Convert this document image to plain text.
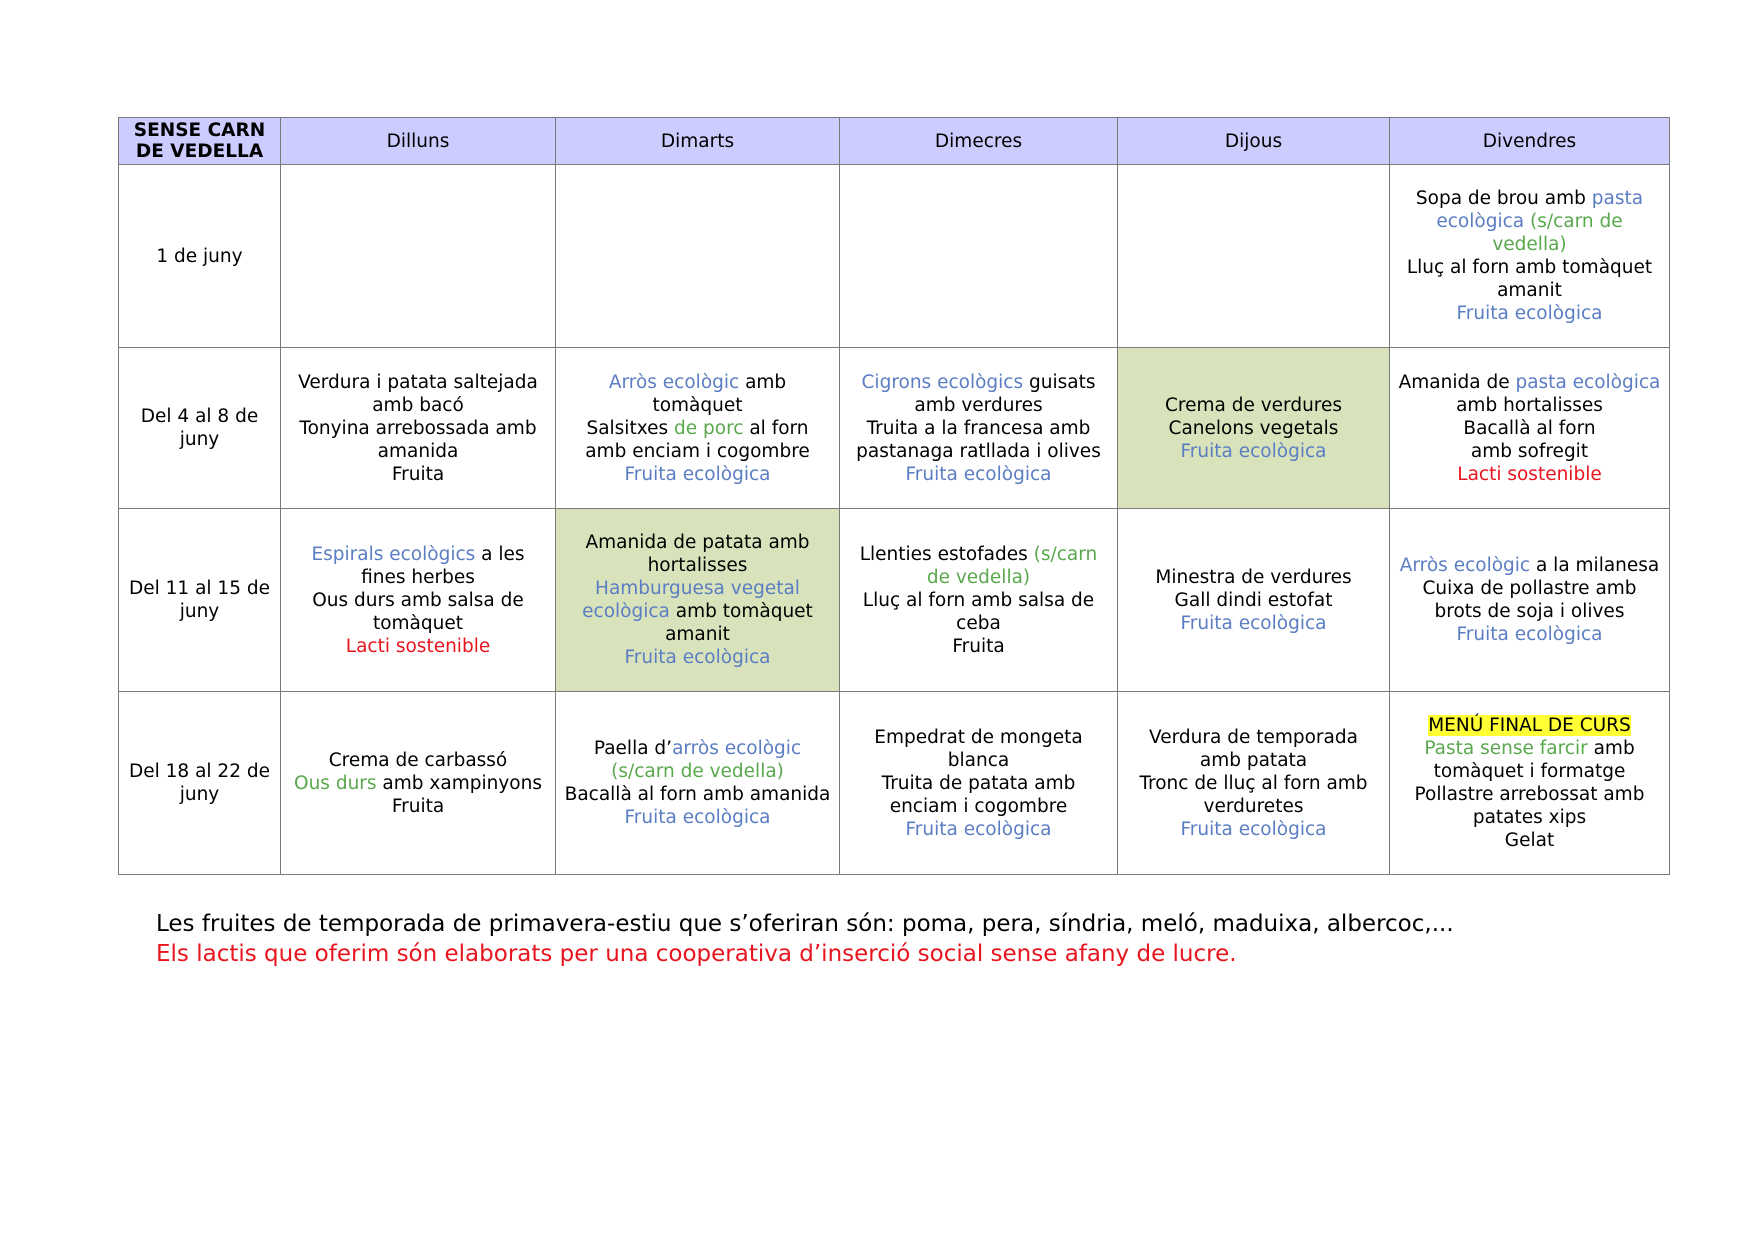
SENSE CARN DE VEDELLA	Dilluns	Dimarts	Dimecres	Dijous	Divendres
1 de juny					Sopa de brou amb pasta ecològica (s/carn de vedella)
Lluç al forn amb tomàquet amanit
Fruita ecològica

Del 4 al 8 de juny	Verdura i patata saltejada amb bacó
Tonyina arrebossada amb amanida
Fruita	Arròs ecològic amb tomàquet
Salsitxes de porc al forn amb enciam i cogombre
Fruita ecològica	Cigrons ecològics guisats amb verdures
Truita a la francesa amb pastanaga ratllada i olives
Fruita ecològica	Crema de verdures
Canelons vegetals
Fruita ecològica	Amanida de pasta ecològica amb hortalisses
Bacallà al forn
amb sofregit
Lacti sostenible

Del 11 al 15 de juny	Espirals ecològics a les fines herbes
Ous durs amb salsa de tomàquet
Lacti sostenible	Amanida de patata amb hortalisses
Hamburguesa vegetal ecològica amb tomàquet amanit
Fruita ecològica	Llenties estofades (s/carn de vedella)
Lluç al forn amb salsa de ceba
Fruita	Minestra de verdures
Gall dindi estofat
Fruita ecològica	Arròs ecològic a la milanesa
Cuixa de pollastre amb brots de soja i olives
Fruita ecològica

Del 18 al 22 de juny	Crema de carbassó
Ous durs amb xampinyons
Fruita	Paella d’arròs ecològic (s/carn de vedella)
Bacallà al forn amb amanida
Fruita ecològica	Empedrat de mongeta blanca
Truita de patata amb enciam i cogombre
Fruita ecològica	Verdura de temporada amb patata
Tronc de lluç al forn amb verduretes
Fruita ecològica	MENÚ FINAL DE CURS
Pasta sense farcir amb tomàquet i formatge
Pollastre arrebossat amb patates xips
Gelat
Les fruites de temporada de primavera-estiu que s’oferiran són: poma, pera, síndria, meló, maduixa, albercoc,...
Els lactis que oferim són elaborats per una cooperativa d’inserció social sense afany de lucre.
